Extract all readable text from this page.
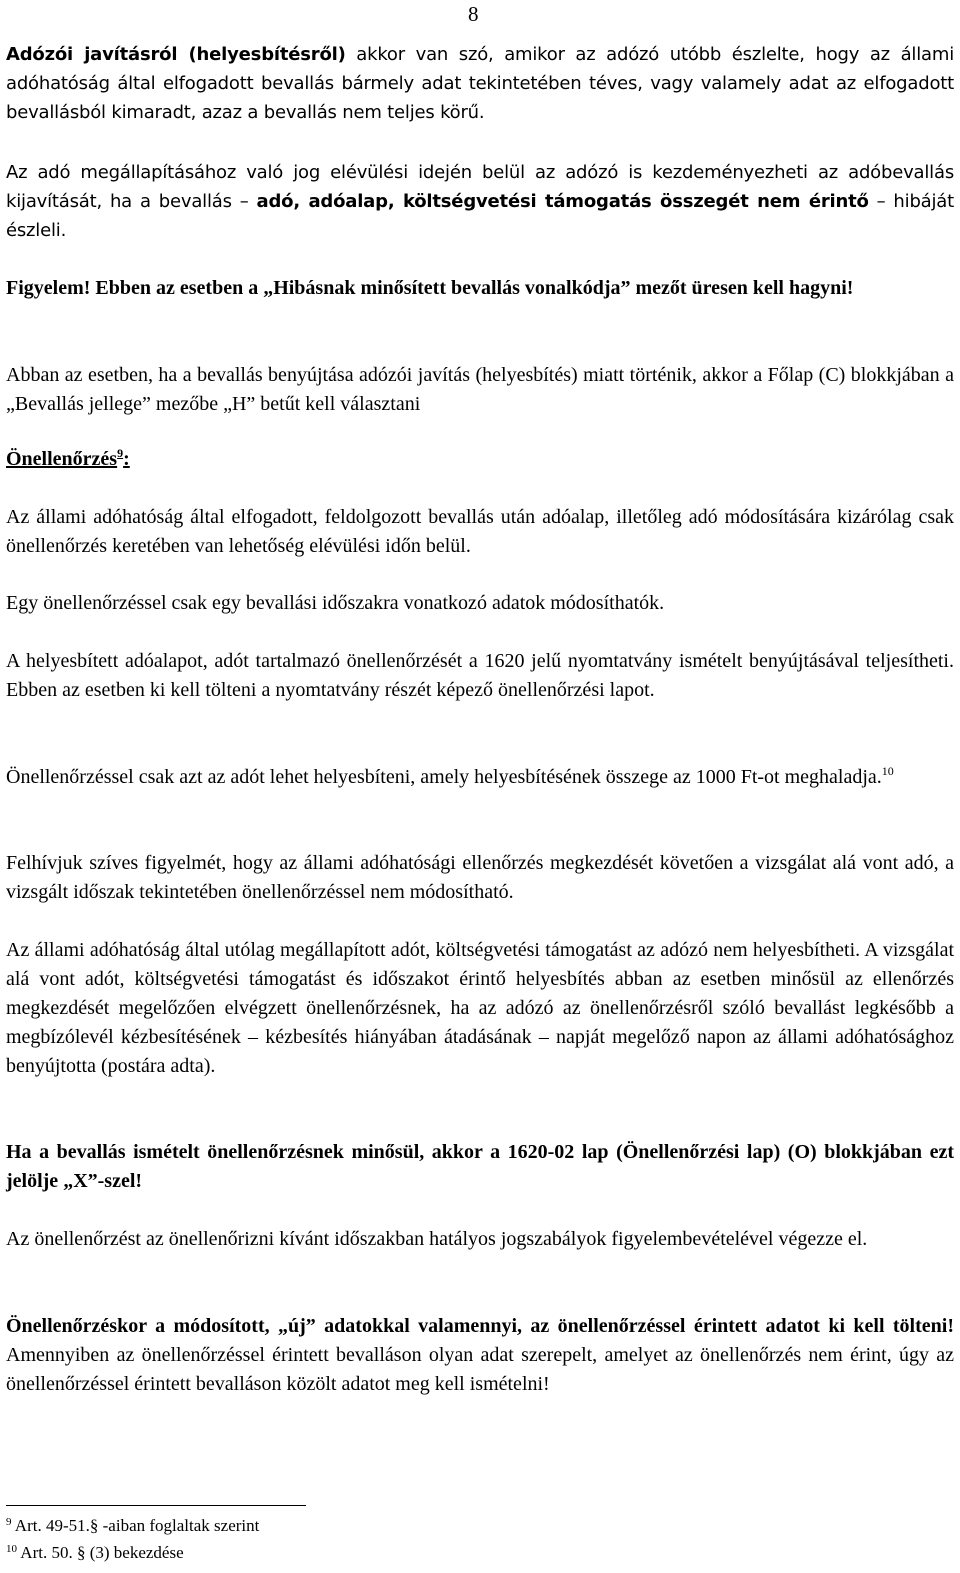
8

Adózói javításról (helyesbítésről) akkor van szó, amikor az adózó utóbb észlelte, hogy az állami adóhatóság által elfogadott bevallás bármely adat tekintetében téves, vagy valamely adat az elfogadott bevallásból kimaradt, azaz a bevallás nem teljes körű.

Az adó megállapításához való jog elévülési idején belül az adózó is kezdeményezheti az adóbevallás kijavítását, ha a bevallás – adó, adóalap, költségvetési támogatás összegét nem érintő – hibáját észleli.

Figyelem! Ebben az esetben a „Hibásnak minősített bevallás vonalkódja” mezőt üresen kell hagyni!

Abban az esetben, ha a bevallás benyújtása adózói javítás (helyesbítés) miatt történik, akkor a Főlap (C) blokkjában a „Bevallás jellege” mezőbe „H” betűt kell választani

Önellenőrzés$^9$:

Az állami adóhatóság által elfogadott, feldolgozott bevallás után adóalap, illetőleg adó módosítására kizárólag csak önellenőrzés keretében van lehetőség elévülési időn belül.

Egy önellenőrzéssel csak egy bevallási időszakra vonatkozó adatok módosíthatók.

A helyesbített adóalapot, adót tartalmazó önellenőrzését a 1620 jelű nyomtatvány ismételt benyújtásával teljesítheti. Ebben az esetben ki kell tölteni a nyomtatvány részét képező önellenőrzési lapot.

Önellenőrzéssel csak azt az adót lehet helyesbíteni, amely helyesbítésének összege az 1000 Ft-ot meghaladja.$^{10}$

Felhívjuk szíves figyelmét, hogy az állami adóhatósági ellenőrzés megkezdését követően a vizsgálat alá vont adó, a vizsgált időszak tekintetében önellenőrzéssel nem módosítható.

Az állami adóhatóság által utólag megállapított adót, költségvetési támogatást az adózó nem helyesbítheti. A vizsgálat alá vont adót, költségvetési támogatást és időszakot érintő helyesbítés abban az esetben minősül az ellenőrzés megkezdését megelőzően elvégzett önellenőrzésnek, ha az adózó az önellenőrzésről szóló bevallást legkésőbb a megbízólevél kézbesítésének – kézbesítés hiányában átadásának – napját megelőző napon az állami adóhatósághoz benyújtotta (postára adta).

Ha a bevallás ismételt önellenőrzésnek minősül, akkor a 1620-02 lap (Önellenőrzési lap) (O) blokkjában ezt jelölje „X”-szel!

Az önellenőrzést az önellenőrizni kívánt időszakban hatályos jogszabályok figyelembevételével végezze el.

Önellenőrzéskor a módosított, „új” adatokkal valamennyi, az önellenőrzéssel érintett adatot ki kell tölteni! Amennyiben az önellenőrzéssel érintett bevalláson olyan adat szerepelt, amelyet az önellenőrzés nem érint, úgy az önellenőrzéssel érintett bevalláson közölt adatot meg kell ismételni!

$^9$ Art. 49-51.§ -aiban foglaltak szerint
$^{10}$ Art. 50. § (3) bekezdése
